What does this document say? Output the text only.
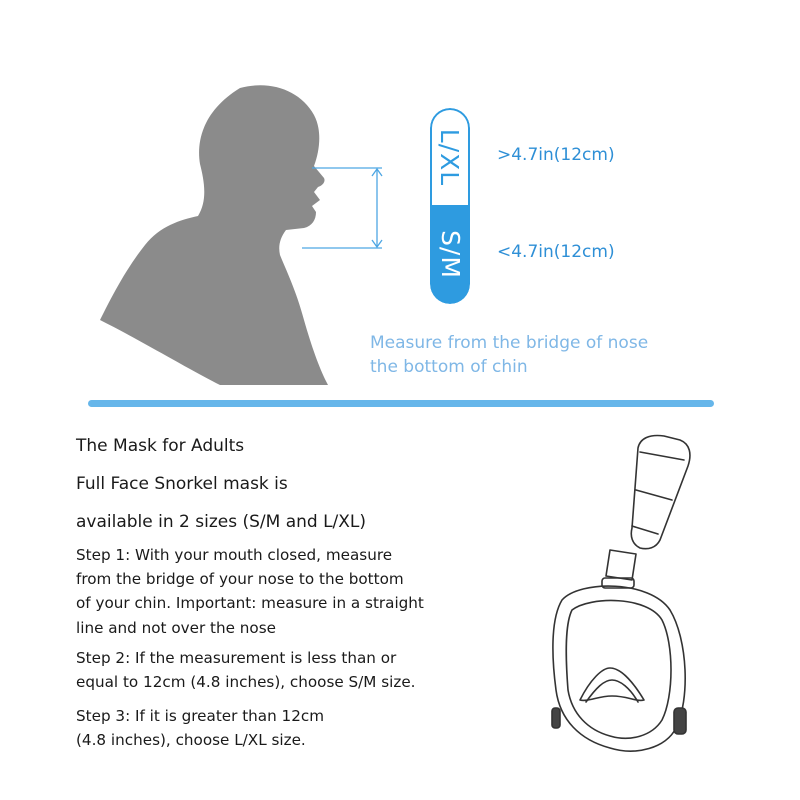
L/XL
S/M
>4.7in(12cm)
<4.7in(12cm)
Measure from the bridge of nose
the bottom of chin
The Mask for Adults
Full Face Snorkel mask is
available in 2 sizes (S/M and L/XL)
Step 1: With your mouth closed, measure
from the bridge of your nose to the bottom
of your chin. Important: measure in a straight
line and not over the nose
Step 2: If the measurement is less than or
equal to 12cm (4.8 inches), choose S/M size.
Step 3: If it is greater than 12cm
(4.8 inches), choose L/XL size.
